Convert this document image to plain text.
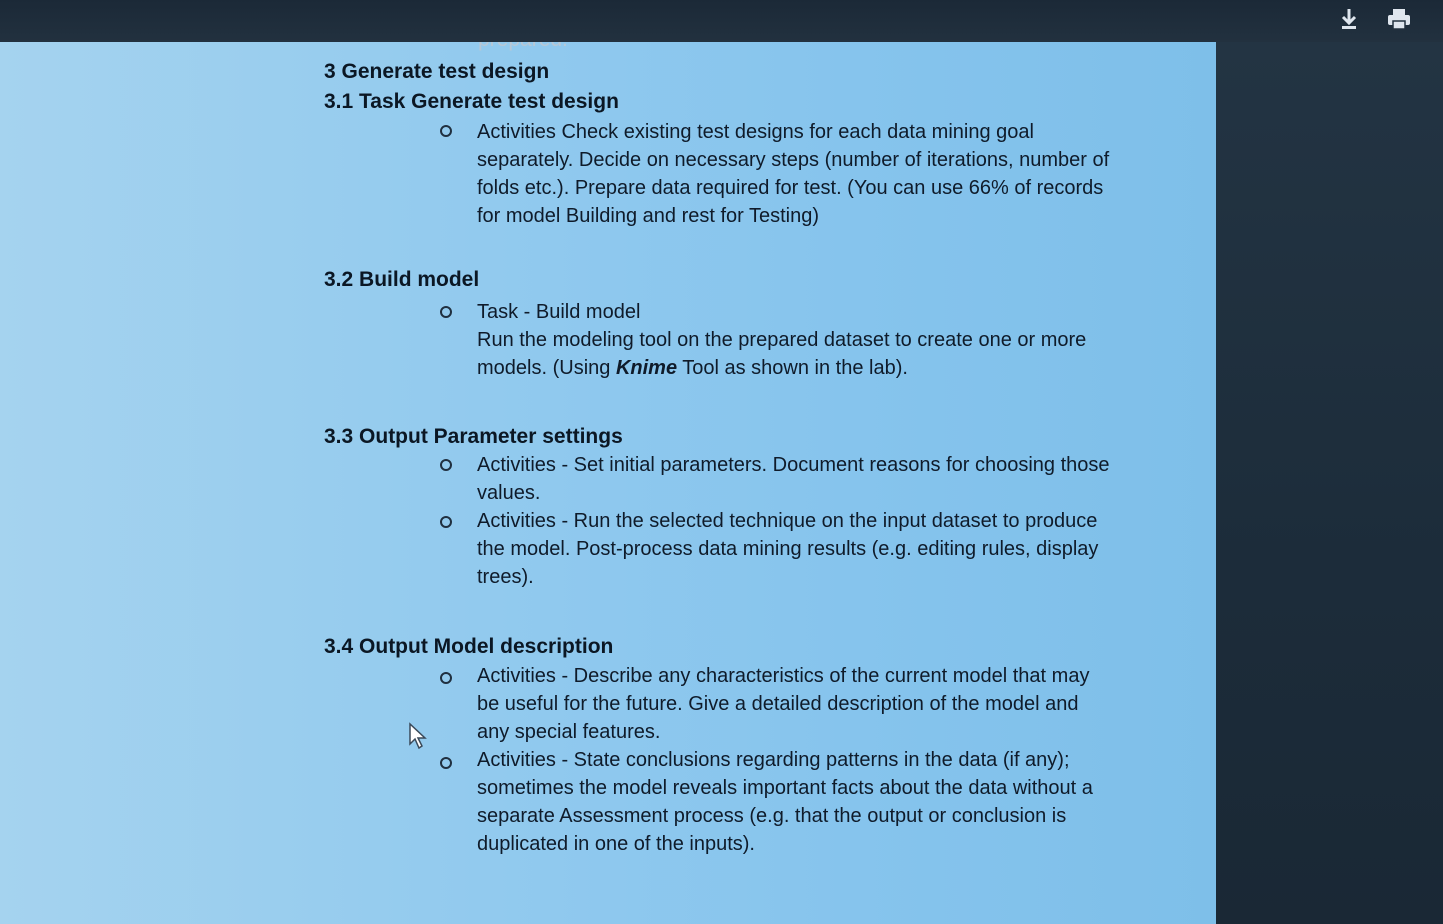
3 Generate test design
3.1 Task Generate test design
Activities Check existing test designs for each data mining goal
separately. Decide on necessary steps (number of iterations, number of
folds etc.). Prepare data required for test. (You can use 66% of records
for model Building and rest for Testing)
3.2 Build model
Task - Build model
Run the modeling tool on the prepared dataset to create one or more
models. (Using Knime Tool as shown in the lab).
3.3 Output Parameter settings
Activities - Set initial parameters. Document reasons for choosing those
values.
Activities - Run the selected technique on the input dataset to produce
the model. Post-process data mining results (e.g. editing rules, display
trees).
3.4 Output Model description
Activities - Describe any characteristics of the current model that may
be useful for the future. Give a detailed description of the model and
any special features.
Activities - State conclusions regarding patterns in the data (if any);
sometimes the model reveals important facts about the data without a
separate Assessment process (e.g. that the output or conclusion is
duplicated in one of the inputs).
